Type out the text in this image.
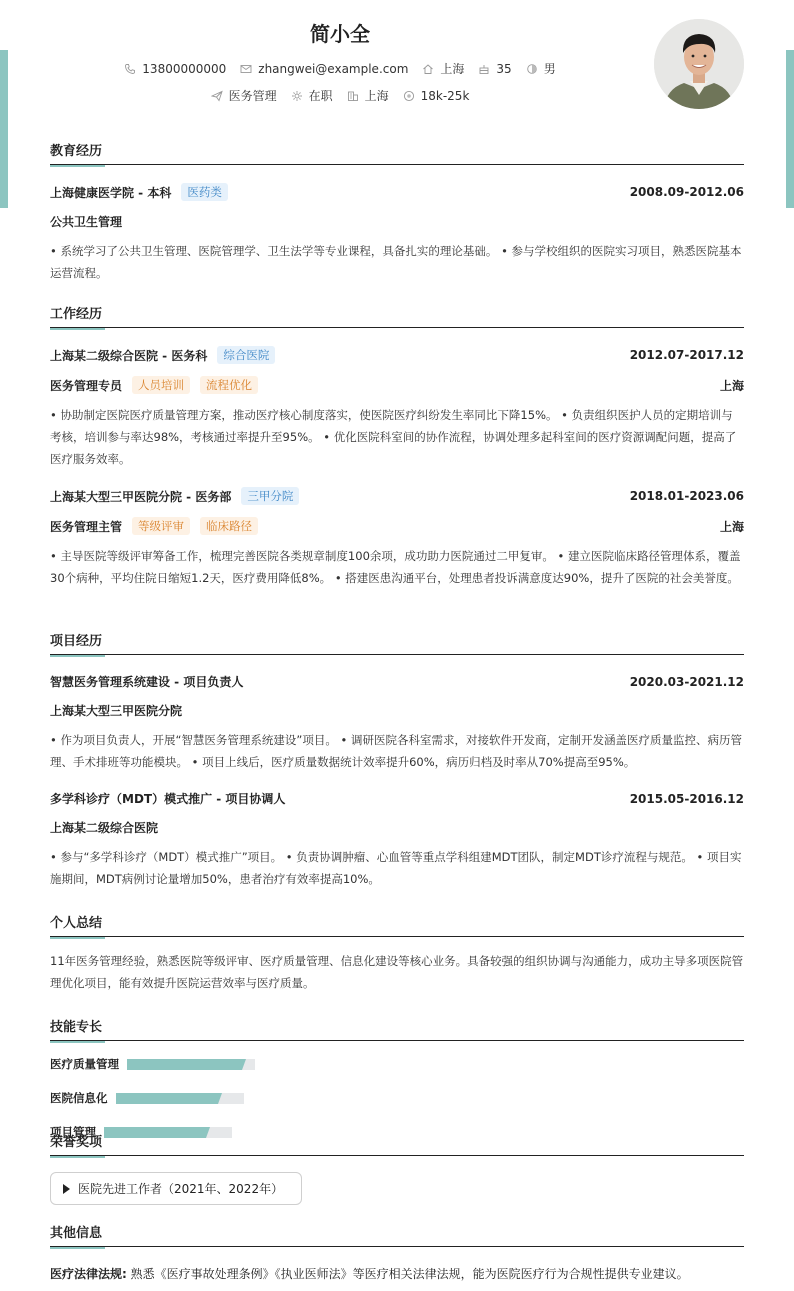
简小全
13800000000	zhangwei@example.com	上海	35	男
医务管理	在职	上海	18k-25k
教育经历
上海健康医学院 - 本科	医药类	2008.09-2012.06
公共卫生管理
• 系统学习了公共卫生管理、医院管理学、卫生法学等专业课程，具备扎实的理论基础。 • 参与学校组织的医院实习项目，熟悉医院基本运营流程。
工作经历
上海某二级综合医院 - 医务科	综合医院	2012.07-2017.12
医务管理专员	人员培训	流程优化	上海
• 协助制定医院医疗质量管理方案，推动医疗核心制度落实，使医院医疗纠纷发生率同比下降15%。 • 负责组织医护人员的定期培训与考核，培训参与率达98%，考核通过率提升至95%。 • 优化医院科室间的协作流程，协调处理多起科室间的医疗资源调配问题，提高了医疗服务效率。
上海某大型三甲医院分院 - 医务部	三甲分院	2018.01-2023.06
医务管理主管	等级评审	临床路径	上海
• 主导医院等级评审筹备工作，梳理完善医院各类规章制度100余项，成功助力医院通过二甲复审。 • 建立医院临床路径管理体系，覆盖30个病种，平均住院日缩短1.2天，医疗费用降低8%。 • 搭建医患沟通平台，处理患者投诉满意度达90%，提升了医院的社会美誉度。
项目经历
智慧医务管理系统建设 - 项目负责人	2020.03-2021.12
上海某大型三甲医院分院
• 作为项目负责人，开展“智慧医务管理系统建设”项目。 • 调研医院各科室需求，对接软件开发商，定制开发涵盖医疗质量监控、病历管理、手术排班等功能模块。 • 项目上线后，医疗质量数据统计效率提升60%，病历归档及时率从70%提高至95%。
多学科诊疗（MDT）模式推广 - 项目协调人	2015.05-2016.12
上海某二级综合医院
• 参与“多学科诊疗（MDT）模式推广”项目。 • 负责协调肿瘤、心血管等重点学科组建MDT团队，制定MDT诊疗流程与规范。 • 项目实施期间，MDT病例讨论量增加50%，患者治疗有效率提高10%。
个人总结
11年医务管理经验，熟悉医院等级评审、医疗质量管理、信息化建设等核心业务。具备较强的组织协调与沟通能力，成功主导多项医院管理优化项目，能有效提升医院运营效率与医疗质量。
技能专长
医疗质量管理
医院信息化
项目管理
荣誉奖项
医院先进工作者（2021年、2022年）
其他信息
医疗法律法规: 熟悉《医疗事故处理条例》《执业医师法》等医疗相关法律法规，能为医院医疗行为合规性提供专业建议。
